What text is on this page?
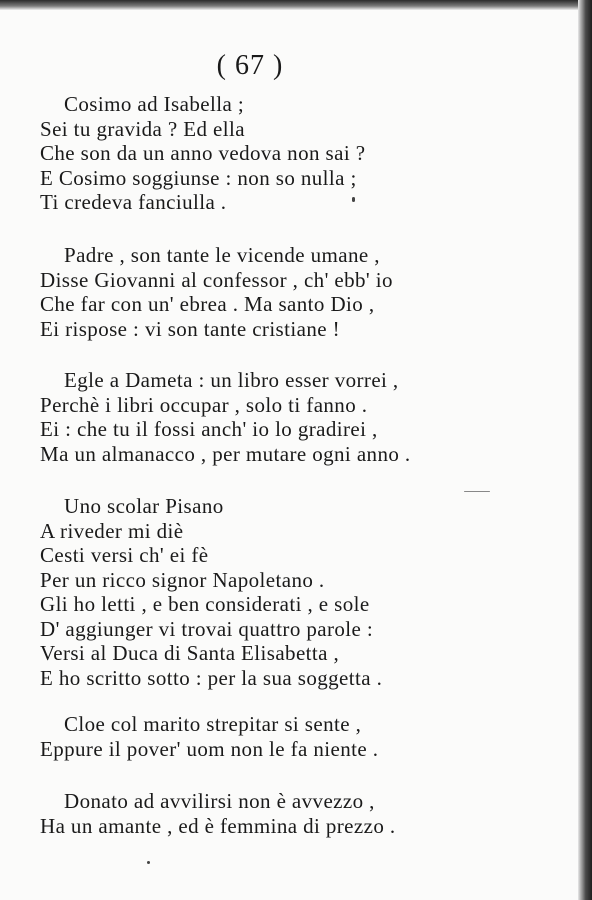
( 67 )
Cosimo ad Isabella ;
Sei tu gravida ? Ed ella
Che son da un anno vedova non sai ?
E Cosimo soggiunse : non so nulla ;
Ti credeva fanciulla .
Padre , son tante le vicende umane ,
Disse Giovanni al confessor , ch' ebb' io
Che far con un' ebrea . Ma santo Dio ,
Ei rispose : vi son tante cristiane !
Egle a Dameta : un libro esser vorrei ,
Perchè i libri occupar , solo ti fanno .
Ei : che tu il fossi anch' io lo gradirei ,
Ma un almanacco , per mutare ogni anno .
Uno scolar Pisano
A riveder mi diè
Cesti versi ch' ei fè
Per un ricco signor Napoletano .
Gli ho letti , e ben considerati , e sole
D' aggiunger vi trovai quattro parole :
Versi al Duca di Santa Elisabetta ,
E ho scritto sotto : per la sua soggetta .
Cloe col marito strepitar si sente ,
Eppure il pover' uom non le fa niente .
Donato ad avvilirsi non è avvezzo ,
Ha un amante , ed è femmina di prezzo .
